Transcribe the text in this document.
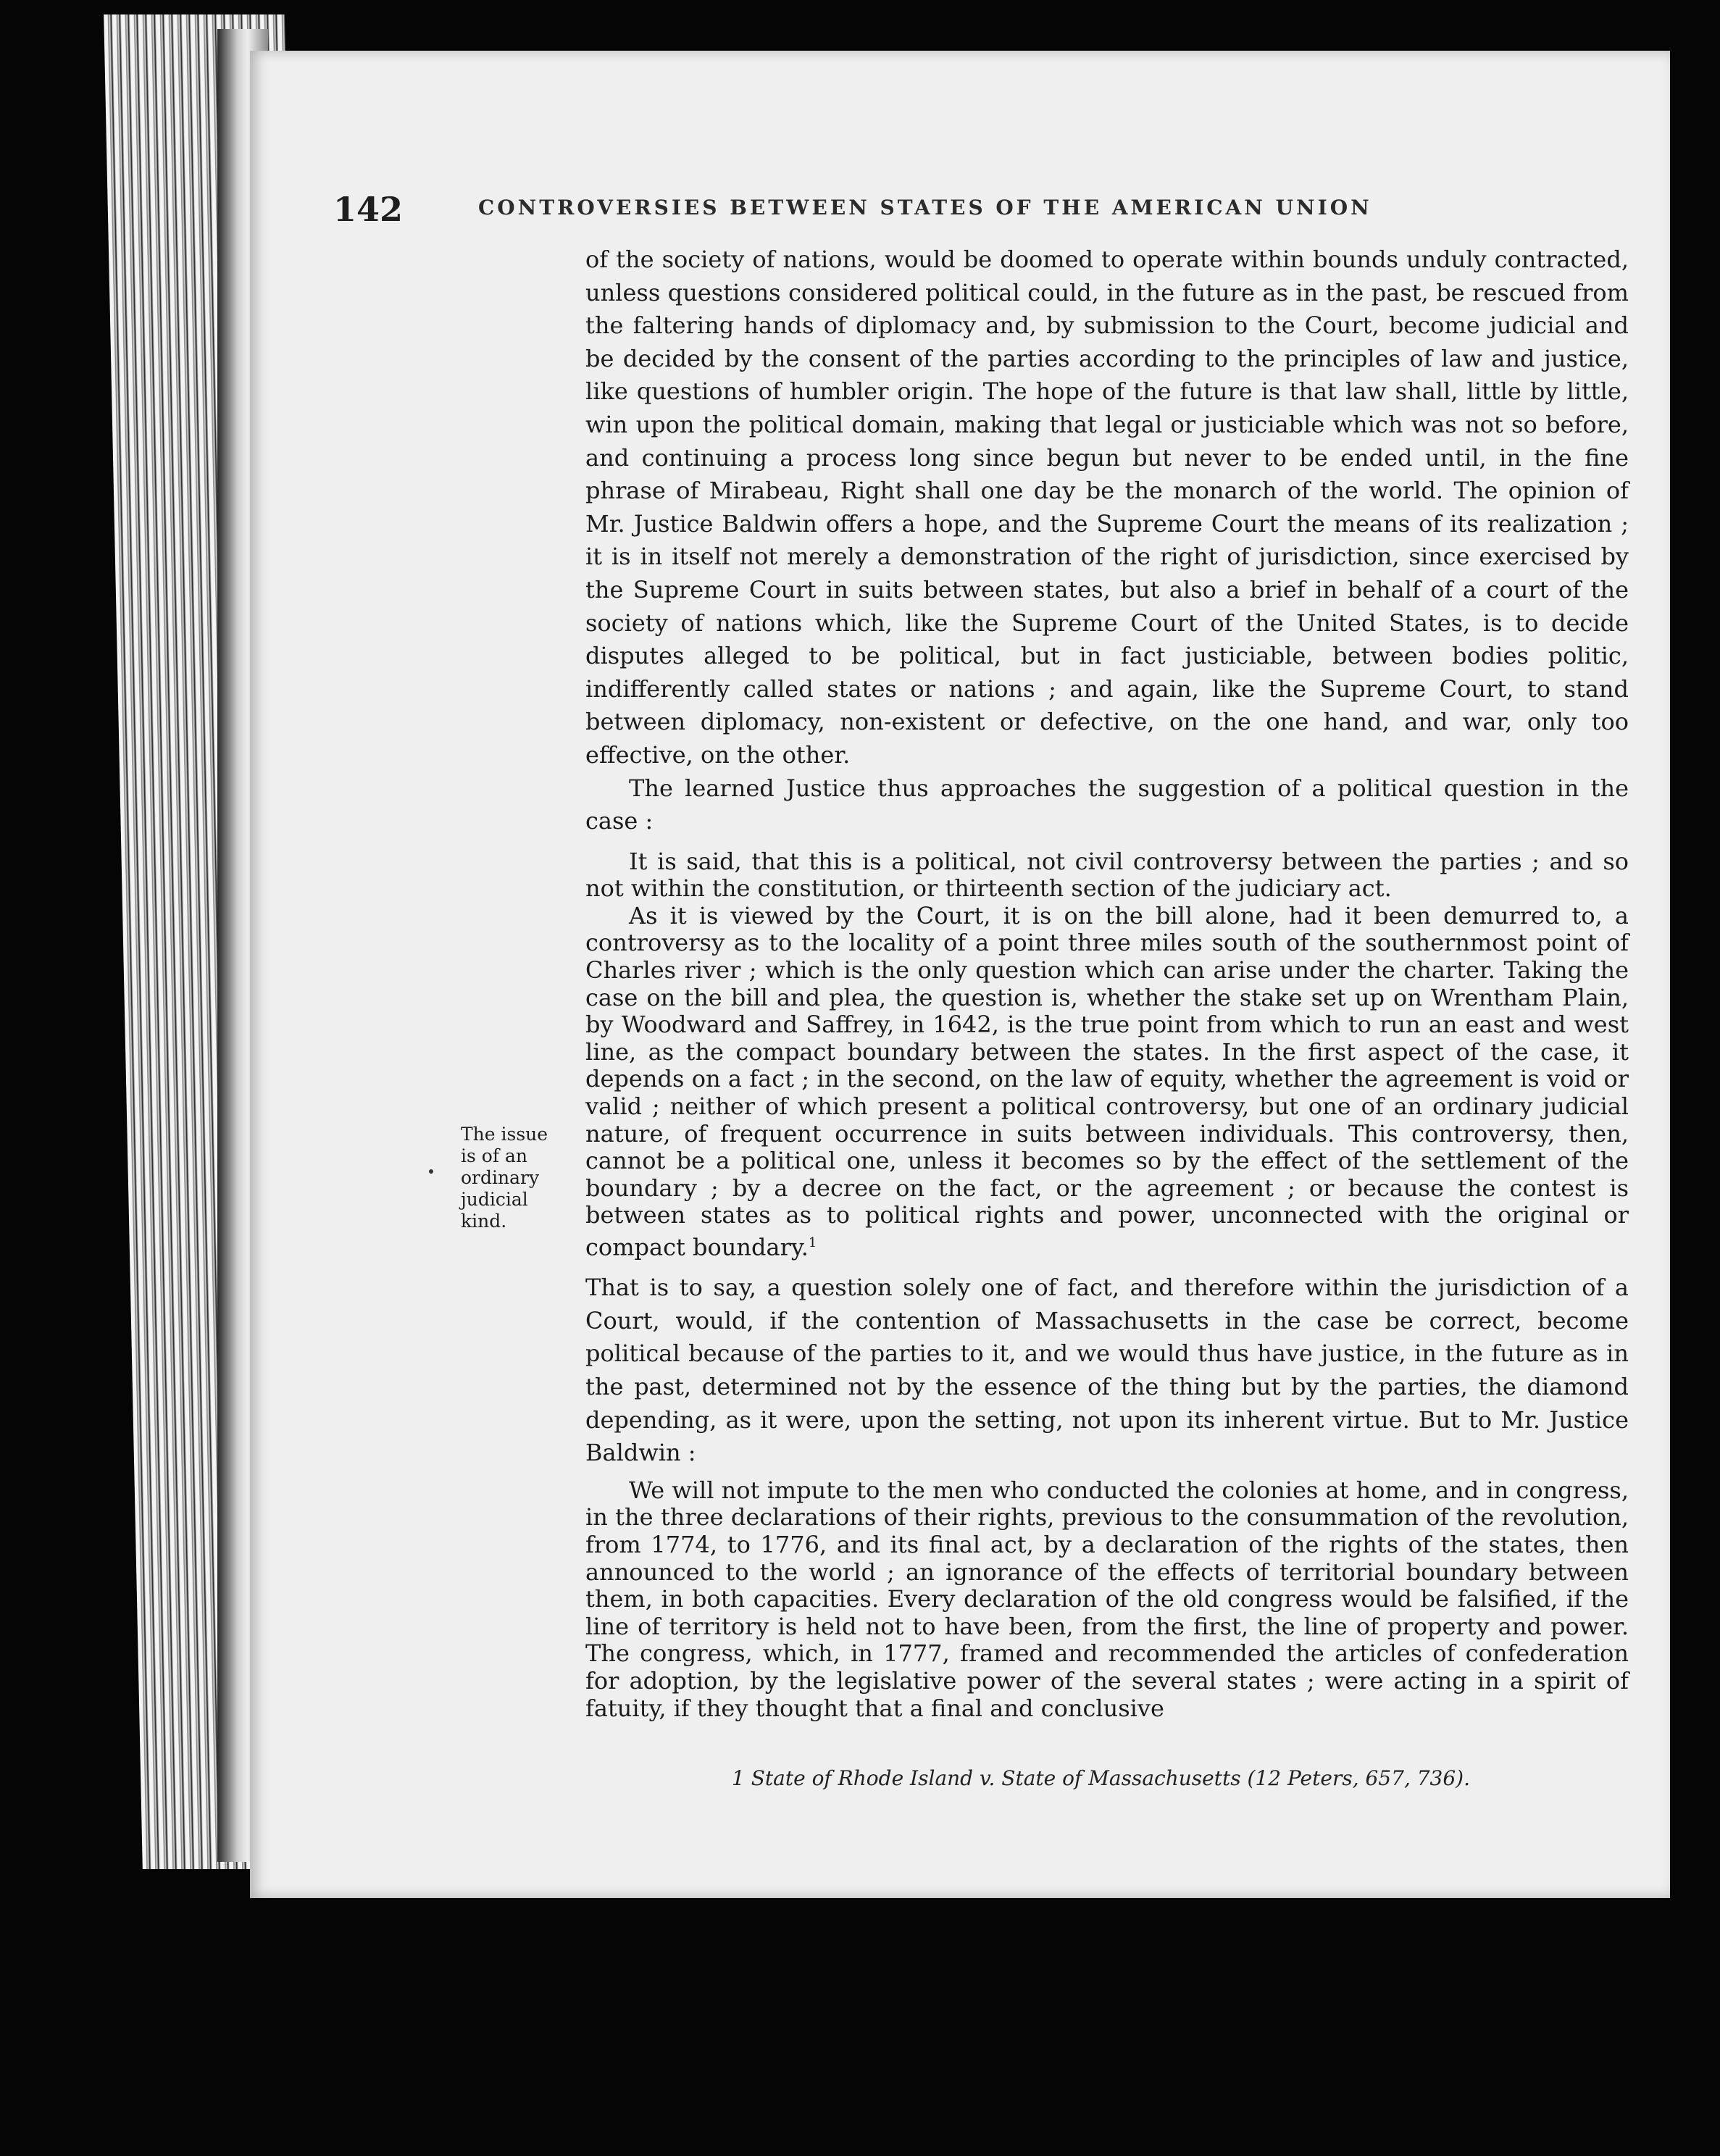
142	CONTROVERSIES BETWEEN STATES OF THE AMERICAN UNION

of the society of nations, would be doomed to operate within bounds unduly contracted, unless questions considered political could, in the future as in the past, be rescued from the faltering hands of diplomacy and, by submission to the Court, become judicial and be decided by the consent of the parties according to the principles of law and justice, like questions of humbler origin. The hope of the future is that law shall, little by little, win upon the political domain, making that legal or justiciable which was not so before, and continuing a process long since begun but never to be ended until, in the fine phrase of Mirabeau, Right shall one day be the monarch of the world. The opinion of Mr. Justice Baldwin offers a hope, and the Supreme Court the means of its realization ; it is in itself not merely a demonstration of the right of jurisdiction, since exercised by the Supreme Court in suits between states, but also a brief in behalf of a court of the society of nations which, like the Supreme Court of the United States, is to decide disputes alleged to be political, but in fact justiciable, between bodies politic, indifferently called states or nations ; and again, like the Supreme Court, to stand between diplomacy, non-existent or defective, on the one hand, and war, only too effective, on the other.

The learned Justice thus approaches the suggestion of a political question in the case :

It is said, that this is a political, not civil controversy between the parties ; and so not within the constitution, or thirteenth section of the judiciary act.

As it is viewed by the Court, it is on the bill alone, had it been demurred to, a controversy as to the locality of a point three miles south of the southernmost point of Charles river ; which is the only question which can arise under the charter. Taking the case on the bill and plea, the question is, whether the stake set up on Wrentham Plain, by Woodward and Saffrey, in 1642, is the true point from which to run an east and west line, as the compact boundary between the states. In the first aspect of the case, it depends on a fact ; in the second, on the law of equity, whether the agreement is void or valid ; neither of which present a political controversy, but one of an ordinary judicial nature, of frequent occurrence in suits between individuals. This controversy, then, cannot be a political one, unless it becomes so by the effect of the settlement of the boundary ; by a decree on the fact, or the agreement ; or because the contest is between states as to political rights and power, unconnected with the original or compact boundary.$^1$

That is to say, a question solely one of fact, and therefore within the jurisdiction of a Court, would, if the contention of Massachusetts in the case be correct, become political because of the parties to it, and we would thus have justice, in the future as in the past, determined not by the essence of the thing but by the parties, the diamond depending, as it were, upon the setting, not upon its inherent virtue. But to Mr. Justice Baldwin :

We will not impute to the men who conducted the colonies at home, and in congress, in the three declarations of their rights, previous to the consummation of the revolution, from 1774, to 1776, and its final act, by a declaration of the rights of the states, then announced to the world ; an ignorance of the effects of territorial boundary between them, in both capacities. Every declaration of the old congress would be falsified, if the line of territory is held not to have been, from the first, the line of property and power. The congress, which, in 1777, framed and recommended the articles of confederation for adoption, by the legislative power of the several states ; were acting in a spirit of fatuity, if they thought that a final and conclusive

The issue
is of an
ordinary
judicial
kind.
1 State of Rhode Island v. State of Massachusetts (12 Peters, 657, 736).
